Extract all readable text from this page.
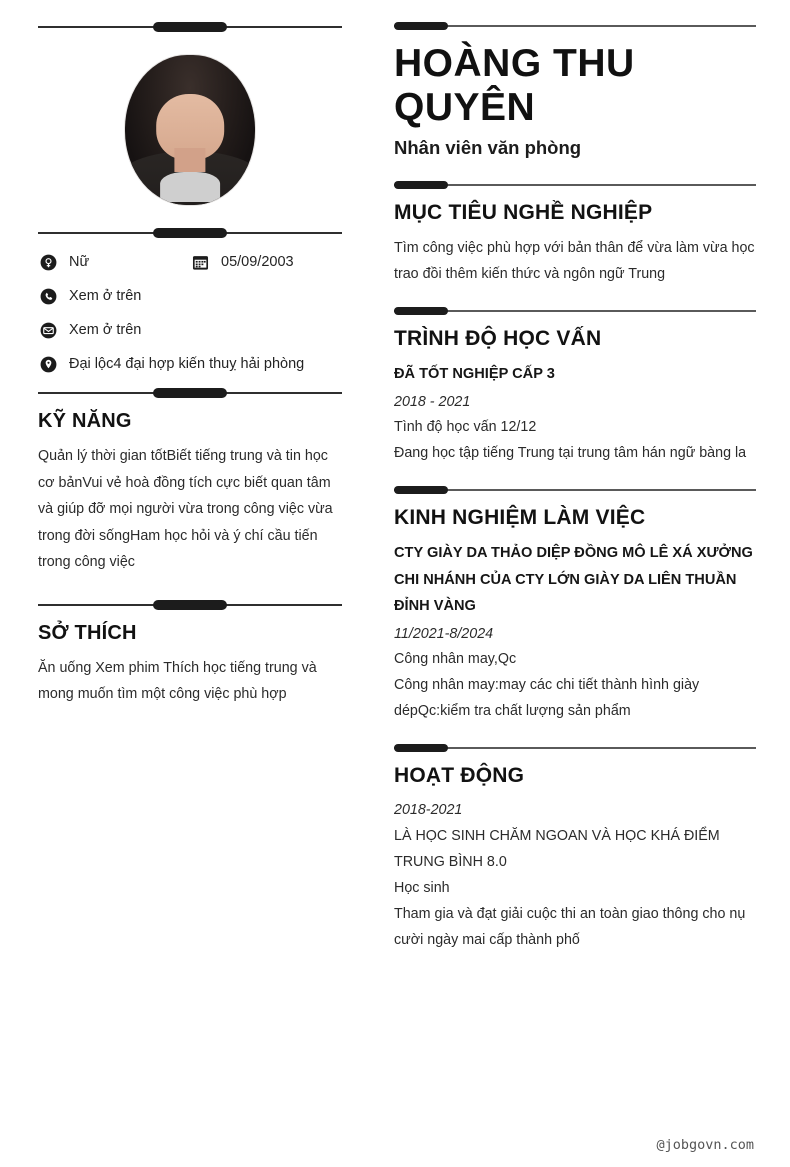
Nữ	05/09/2003
Xem ở trên
Xem ở trên
Đại lộc4 đại hợp kiến thuỵ hải phòng
KỸ NĂNG
Quản lý thời gian tốtBiết tiếng trung và tin học cơ bảnVui vẻ hoà đồng tích cực biết quan tâm và giúp đỡ mọi người vừa trong công việc vừa trong đời sốngHam học hỏi và ý chí cầu tiến trong công việc
SỞ THÍCH
Ăn uống Xem phim Thích học tiếng trung và mong muốn tìm một công việc phù hợp
HOÀNG THU QUYÊN
Nhân viên văn phòng
MỤC TIÊU NGHỀ NGHIỆP
Tìm công việc phù hợp với bản thân để vừa làm vừa học trao đồi thêm kiến thức và ngôn ngữ Trung
TRÌNH ĐỘ HỌC VẤN
ĐÃ TỐT NGHIỆP CẤP 3
2018 - 2021
Tình độ học vấn 12/12
Đang học tập tiếng Trung tại trung tâm hán ngữ bàng la
KINH NGHIỆM LÀM VIỆC
CTY GIÀY DA THẢO DIỆP ĐỒNG MÔ LÊ XÁ XƯỞNG CHI NHÁNH CỦA CTY LỚN GIÀY DA LIÊN THUẦN ĐỈNH VÀNG
11/2021-8/2024
Công nhân may,Qc
Công nhân may:may các chi tiết thành hình giày dépQc:kiểm tra chất lượng sản phẩm
HOẠT ĐỘNG
2018-2021
LÀ HỌC SINH CHĂM NGOAN VÀ HỌC KHÁ ĐIỂM TRUNG BÌNH 8.0
Học sinh
Tham gia và đạt giải cuộc thi an toàn giao thông cho nụ cười ngày mai cấp thành phố
@jobgovn.com
